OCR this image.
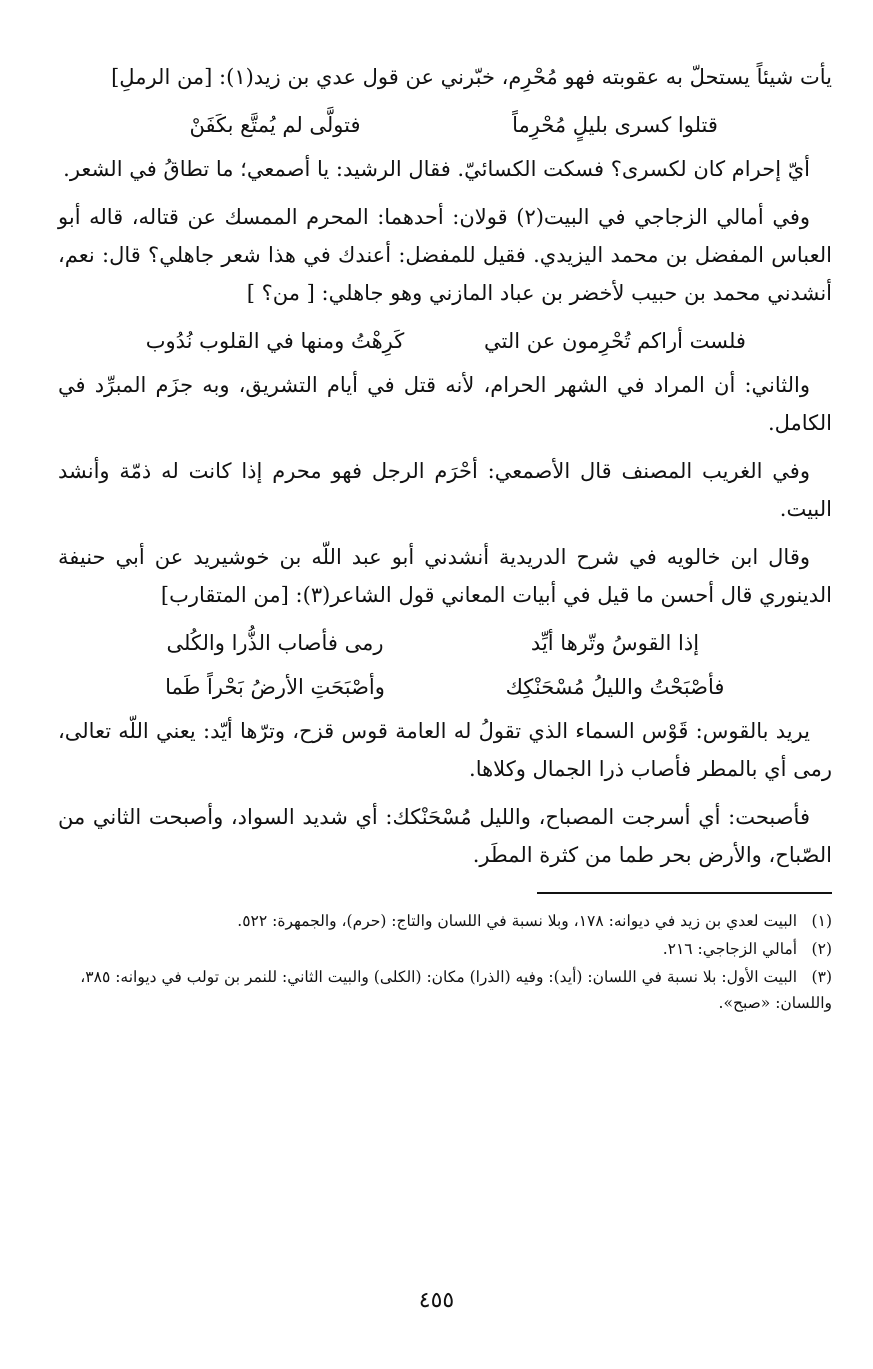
يأت شيئاً يستحلّ به عقوبته فهو مُحْرِم، خبّرني عن قول عدي بن زيد(١): [من الرملِ]

قتلوا كسرى بليلٍ مُحْرِماً
فتولَّى لم يُمتَّع بكَفَنْ

أيّ إحرام كان لكسرى؟ فسكت الكسائيّ. فقال الرشيد: يا أصمعي؛ ما تطاقُ في الشعر.

وفي أمالي الزجاجي في البيت(٢) قولان: أحدهما: المحرم الممسك عن قتاله، قاله أبو العباس المفضل بن محمد اليزيدي. فقيل للمفضل: أعندك في هذا شعر جاهلي؟ قال: نعم، أنشدني محمد بن حبيب لأخضر بن عباد المازني وهو جاهلي: [ من؟ ]

فلست أراكم تُحْرِمون عن التي
كَرِهْتُ ومنها في القلوب نُدُوب

والثاني: أن المراد في الشهر الحرام، لأنه قتل في أيام التشريق، وبه جزَم المبرِّد في الكامل.

وفي الغريب المصنف قال الأصمعي: أحْرَم الرجل فهو محرم إذا كانت له ذمّة وأنشد البيت.

وقال ابن خالويه في شرح الدريدية أنشدني أبو عبد اللّه بن خوشيريد عن أبي حنيفة الدينوري قال أحسن ما قيل في أبيات المعاني قول الشاعر(٣): [من المتقارب]

إذا القوسُ وتّرها أيِّد
رمى فأصاب الذُّرا والكُلى
فأصْبَحْتُ والليلُ مُسْحَنْكِك
وأصْبَحَتِ الأرضُ بَحْراً طَما

يريد بالقوس: قَوْس السماء الذي تقولُ له العامة قوس قزح، وترّها أيّد: يعني اللّه تعالى، رمى أي بالمطر فأصاب ذرا الجمال وكلاها.

فأصبحت: أي أسرجت المصباح، والليل مُسْحَنْكك: أي شديد السواد، وأصبحت الثاني من الصّباح، والأرض بحر طما من كثرة المطَر.

(١) البيت لعدي بن زيد في ديوانه: ١٧٨، وبلا نسبة في اللسان والتاج: (حرم)، والجمهرة: ٥٢٢.

(٢) أمالي الزجاجي: ٢١٦.

(٣) البيت الأول: بلا نسبة في اللسان: (أيد): وفيه (الذرا) مكان: (الكلى) والبيت الثاني: للنمر بن تولب في ديوانه: ٣٨٥، واللسان: «صبح».

٤٥٥
